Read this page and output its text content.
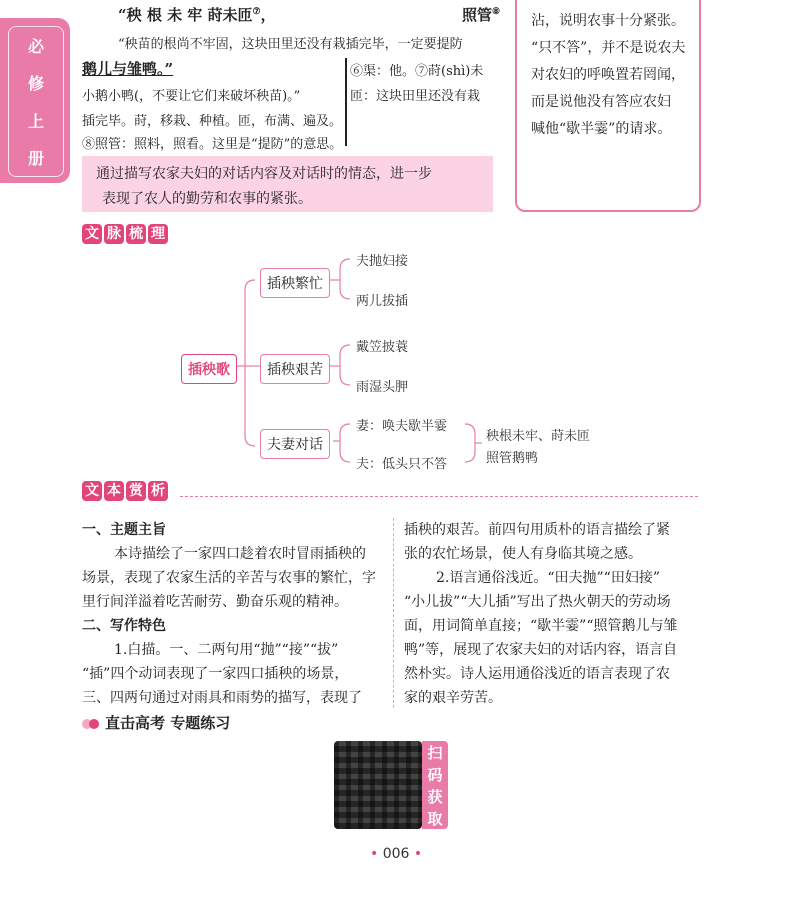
必
修
上
册
“秧 根 未 牢 莳未匝⑦，	照管⑧
“秧苗的根尚不牢固，这块田里还没有栽插完毕，一定要提防
鹅儿与雏鸭。”
小鹅小鸭(，不要让它们来破坏秧苗)。”
⑥渠：他。⑦莳(shì)未
匝：这块田里还没有栽
插完毕。莳，移栽、种植。匝，布满、遍及。
⑧照管：照料，照看。这里是“提防”的意思。

通过描写农家夫妇的对话内容及对话时的情态，进一步

表现了农人的勤劳和农事的紧张。

沾，说明农事十分紧张。

“只不答”，并不是说农夫

对农妇的呼唤置若罔闻，

而是说他没有答应农妇

喊他“歇半霎”的请求。

文 脉 梳 理
插秧歌
插秧繁忙
插秧艰苦
夫妻对话
夫抛妇接
两儿拔插
戴笠披蓑
雨湿头胛
妻：唤夫歇半霎
夫：低头只不答
秧根未牢、莳未匝
照管鹅鸭
文 本 赏 析
一、主题主旨
本诗描绘了一家四口趁着农时冒雨插秧的
场景，表现了农家生活的辛苦与农事的繁忙，字
里行间洋溢着吃苦耐劳、勤奋乐观的精神。
二、写作特色
1.白描。一、二两句用“抛”“接”“拔”
“插”四个动词表现了一家四口插秧的场景，
三、四两句通过对雨具和雨势的描写，表现了
插秧的艰苦。前四句用质朴的语言描绘了紧
张的农忙场景，使人有身临其境之感。
2.语言通俗浅近。“田夫抛”“田妇接”
“小儿拔”“大儿插”写出了热火朝天的劳动场
面，用词简单直接；“歇半霎”“照管鹅儿与雏
鸭”等，展现了农家夫妇的对话内容，语言自
然朴实。诗人运用通俗浅近的语言表现了农
家的艰辛劳苦。
直击高考 专题练习
扫
码
获
取
• 006 •
